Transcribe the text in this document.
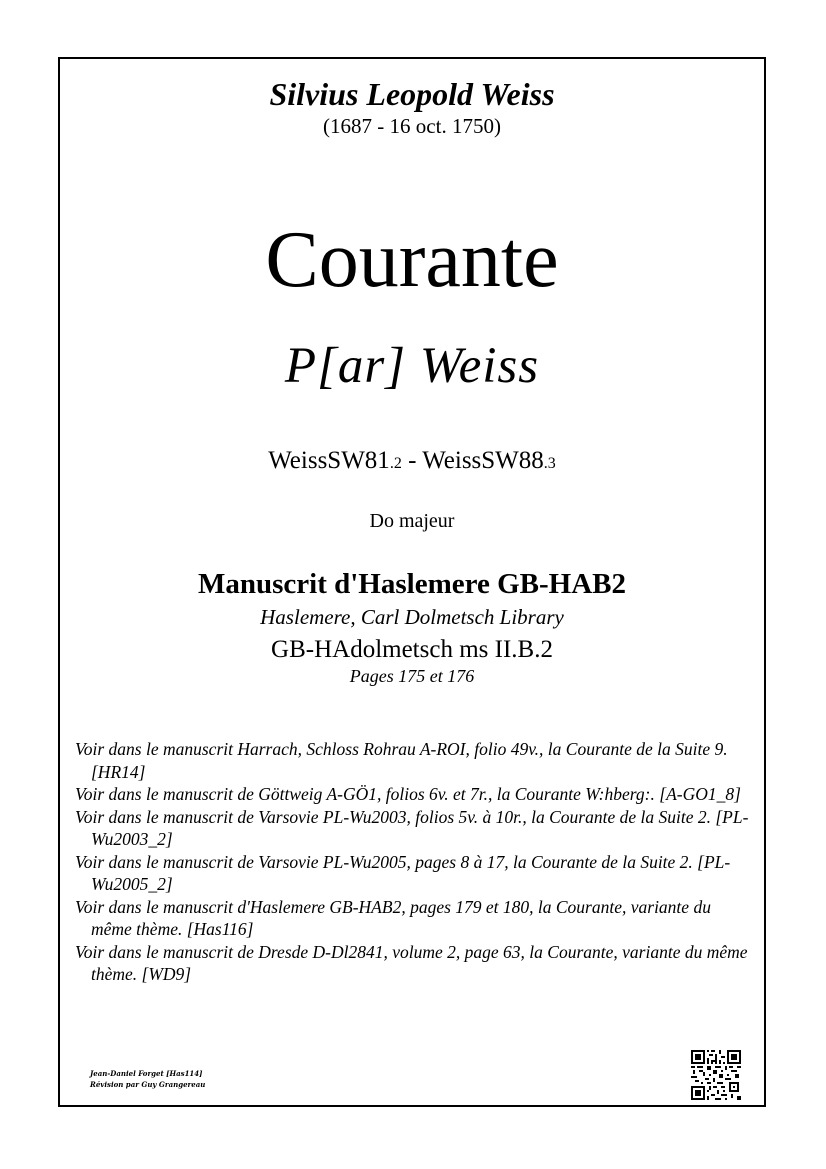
Silvius Leopold Weiss
(1687 - 16 oct. 1750)
Courante
P[ar] Weiss
WeissSW81.2 - WeissSW88.3
Do majeur
Manuscrit d'Haslemere GB-HAB2
Haslemere, Carl Dolmetsch Library
GB-HAdolmetsch ms II.B.2
Pages 175 et 176
Voir dans le manuscrit Harrach, Schloss Rohrau A-ROI, folio 49v., la Courante de la Suite 9. [HR14]
Voir dans le manuscrit de Göttweig A-GÖ1, folios 6v. et 7r., la Courante W:hberg:. [A-GO1_8]
Voir dans le manuscrit de Varsovie PL-Wu2003, folios 5v. à 10r., la Courante de la Suite 2. [PL-Wu2003_2]
Voir dans le manuscrit de Varsovie PL-Wu2005, pages 8 à 17, la Courante de la Suite 2. [PL-Wu2005_2]
Voir dans le manuscrit d'Haslemere GB-HAB2, pages 179 et 180, la Courante, variante du même thème. [Has116]
Voir dans le manuscrit de Dresde D-Dl2841, volume 2, page 63, la Courante, variante du même thème. [WD9]
Jean-Daniel Forget [Has114]
Révision par Guy Grangereau
